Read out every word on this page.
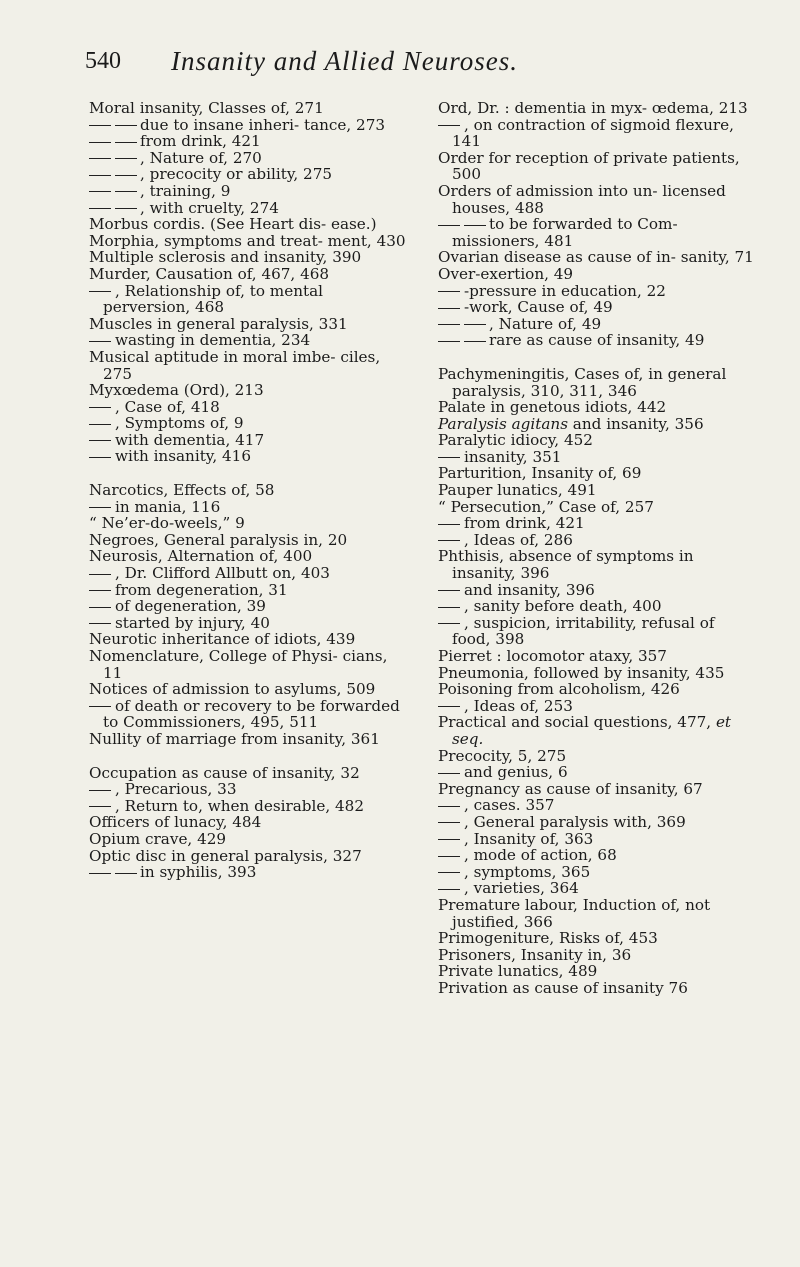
540 Insanity and Allied Neuroses.

Moral insanity, Classes of, 271

due to insane inheri- tance, 273

from drink, 421

, Nature of, 270

, precocity or ability, 275

, training, 9

, with cruelty, 274

Morbus cordis. (See Heart dis- ease.)

Morphia, symptoms and treat- ment, 430

Multiple sclerosis and insanity, 390

Murder, Causation of, 467, 468

, Relationship of, to mental perversion, 468

Muscles in general paralysis, 331

wasting in dementia, 234

Musical aptitude in moral imbe- ciles, 275

Myxœdema (Ord), 213

, Case of, 418

, Symptoms of, 9

with dementia, 417

with insanity, 416

Narcotics, Effects of, 58

in mania, 116

“ Ne’er-do-weels,” 9

Negroes, General paralysis in, 20

Neurosis, Alternation of, 400

, Dr. Clifford Allbutt on, 403

from degeneration, 31

of degeneration, 39

started by injury, 40

Neurotic inheritance of idiots, 439

Nomenclature, College of Physi- cians, 11

Notices of admission to asylums, 509

of death or recovery to be forwarded to Commissioners, 495, 511

Nullity of marriage from insanity, 361

Occupation as cause of insanity, 32

, Precarious, 33

, Return to, when desirable, 482

Officers of lunacy, 484

Opium crave, 429

Optic disc in general paralysis, 327

in syphilis, 393

Ord, Dr. : dementia in myx- œdema, 213

, on contraction of sigmoid flexure, 141

Order for reception of private patients, 500

Orders of admission into un- licensed houses, 488

to be forwarded to Com- missioners, 481

Ovarian disease as cause of in- sanity, 71

Over-exertion, 49

-pressure in education, 22

-work, Cause of, 49

, Nature of, 49

rare as cause of insanity, 49

Pachymeningitis, Cases of, in general paralysis, 310, 311, 346

Palate in genetous idiots, 442

Paralysis agitans and insanity, 356

Paralytic idiocy, 452

insanity, 351

Parturition, Insanity of, 69

Pauper lunatics, 491

“ Persecution,” Case of, 257

from drink, 421

, Ideas of, 286

Phthisis, absence of symptoms in insanity, 396

and insanity, 396

, sanity before death, 400

, suspicion, irritability, refusal of food, 398

Pierret : locomotor ataxy, 357

Pneumonia, followed by insanity, 435

Poisoning from alcoholism, 426

, Ideas of, 253

Practical and social questions, 477, et seq.

Precocity, 5, 275

and genius, 6

Pregnancy as cause of insanity, 67

, cases. 357

, General paralysis with, 369

, Insanity of, 363

, mode of action, 68

, symptoms, 365

, varieties, 364

Premature labour, Induction of, not justified, 366

Primogeniture, Risks of, 453

Prisoners, Insanity in, 36

Private lunatics, 489

Privation as cause of insanity 76
